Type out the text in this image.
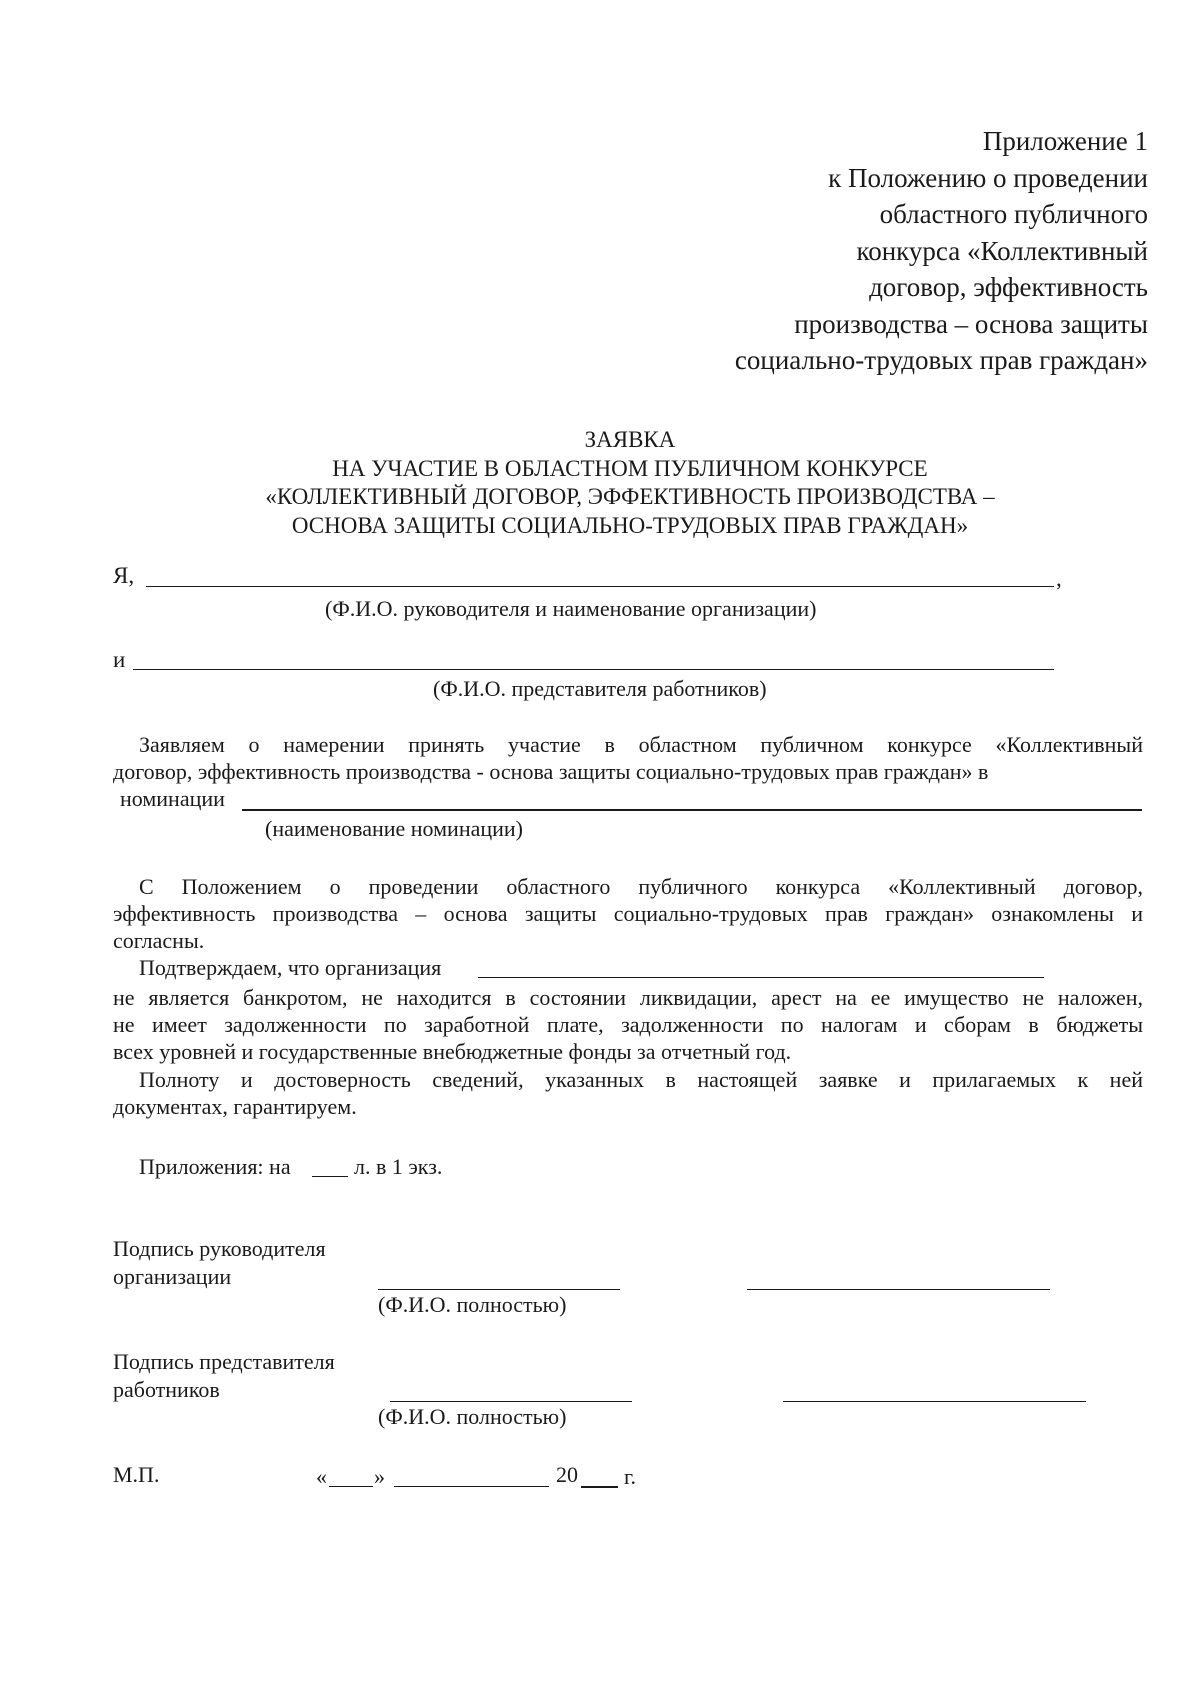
Приложение 1
к Положению о проведении
областного публичного
конкурса «Коллективный
договор, эффективность
производства – основа защиты
социально-трудовых прав граждан»
ЗАЯВКА
НА УЧАСТИЕ В ОБЛАСТНОМ ПУБЛИЧНОМ КОНКУРСЕ
«КОЛЛЕКТИВНЫЙ ДОГОВОР, ЭФФЕКТИВНОСТЬ ПРОИЗВОДСТВА –
ОСНОВА ЗАЩИТЫ СОЦИАЛЬНО-ТРУДОВЫХ ПРАВ ГРАЖДАН»
Я,	,
(Ф.И.О. руководителя и наименование организации)
и
(Ф.И.О. представителя работников)
Заявляем о намерении принять участие в областном публичном конкурсе «Коллективный
договор, эффективность производства - основа защиты социально-трудовых прав граждан» в
номинации
(наименование номинации)
С Положением о проведении областного публичного конкурса «Коллективный договор,
эффективность производства – основа защиты социально-трудовых прав граждан» ознакомлены и
согласны.
Подтверждаем, что организация
не является банкротом, не находится в состоянии ликвидации, арест на ее имущество не наложен,
не имеет задолженности по заработной плате, задолженности по налогам и сборам в бюджеты
всех уровней и государственные внебюджетные фонды за отчетный год.
Полноту и достоверность сведений, указанных в настоящей заявке и прилагаемых к ней
документах, гарантируем.
Приложения: на	л. в 1 экз.
Подпись руководителя
организации
(Ф.И.О. полностью)
Подпись представителя
работников
(Ф.И.О. полностью)
М.П.	« »	20 г.
